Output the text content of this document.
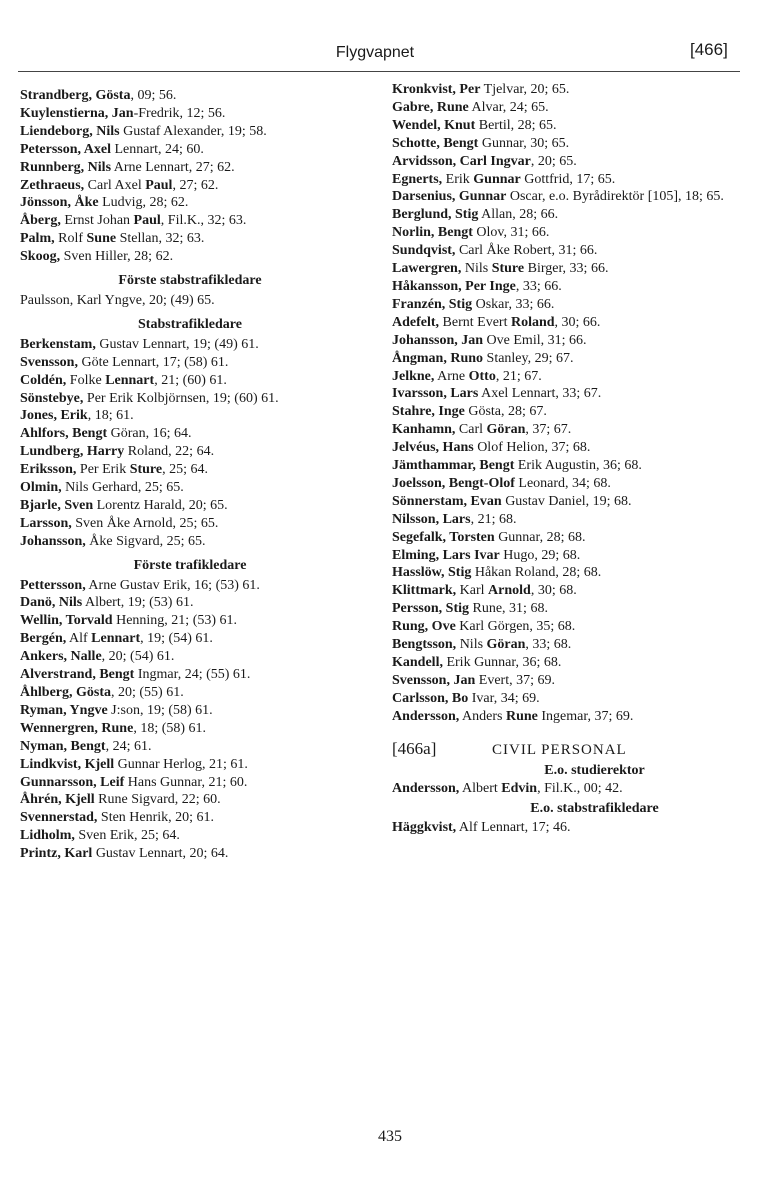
Flygvapnet	[466]
Strandberg, Gösta, 09; 56.
Kuylenstierna, Jan-Fredrik, 12; 56.
Liendeborg, Nils Gustaf Alexander, 19; 58.
Petersson, Axel Lennart, 24; 60.
Runnberg, Nils Arne Lennart, 27; 62.
Zethraeus, Carl Axel Paul, 27; 62.
Jönsson, Åke Ludvig, 28; 62.
Åberg, Ernst Johan Paul, Fil.K., 32; 63.
Palm, Rolf Sune Stellan, 32; 63.
Skoog, Sven Hiller, 28; 62.
Förste stabstrafikledare
Paulsson, Karl Yngve, 20; (49) 65.
Stabstrafikledare
Berkenstam, Gustav Lennart, 19; (49) 61.
Svensson, Göte Lennart, 17; (58) 61.
Coldén, Folke Lennart, 21; (60) 61.
Sönstebye, Per Erik Kolbjörnsen, 19; (60) 61.
Jones, Erik, 18; 61.
Ahlfors, Bengt Göran, 16; 64.
Lundberg, Harry Roland, 22; 64.
Eriksson, Per Erik Sture, 25; 64.
Olmin, Nils Gerhard, 25; 65.
Bjarle, Sven Lorentz Harald, 20; 65.
Larsson, Sven Åke Arnold, 25; 65.
Johansson, Åke Sigvard, 25; 65.
Förste trafikledare
Pettersson, Arne Gustav Erik, 16; (53) 61.
Danö, Nils Albert, 19; (53) 61.
Wellin, Torvald Henning, 21; (53) 61.
Bergén, Alf Lennart, 19; (54) 61.
Ankers, Nalle, 20; (54) 61.
Alverstrand, Bengt Ingmar, 24; (55) 61.
Åhlberg, Gösta, 20; (55) 61.
Ryman, Yngve J:son, 19; (58) 61.
Wennergren, Rune, 18; (58) 61.
Nyman, Bengt, 24; 61.
Lindkvist, Kjell Gunnar Herlog, 21; 61.
Gunnarsson, Leif Hans Gunnar, 21; 60.
Åhrén, Kjell Rune Sigvard, 22; 60.
Svennerstad, Sten Henrik, 20; 61.
Lidholm, Sven Erik, 25; 64.
Printz, Karl Gustav Lennart, 20; 64.
Kronkvist, Per Tjelvar, 20; 65.
Gabre, Rune Alvar, 24; 65.
Wendel, Knut Bertil, 28; 65.
Schotte, Bengt Gunnar, 30; 65.
Arvidsson, Carl Ingvar, 20; 65.
Egnerts, Erik Gunnar Gottfrid, 17; 65.
Darsenius, Gunnar Oscar, e.o. Byrådirektör [105], 18; 65.
Berglund, Stig Allan, 28; 66.
Norlin, Bengt Olov, 31; 66.
Sundqvist, Carl Åke Robert, 31; 66.
Lawergren, Nils Sture Birger, 33; 66.
Håkansson, Per Inge, 33; 66.
Franzén, Stig Oskar, 33; 66.
Adefelt, Bernt Evert Roland, 30; 66.
Johansson, Jan Ove Emil, 31; 66.
Ångman, Runo Stanley, 29; 67.
Jelkne, Arne Otto, 21; 67.
Ivarsson, Lars Axel Lennart, 33; 67.
Stahre, Inge Gösta, 28; 67.
Kanhamn, Carl Göran, 37; 67.
Jelvéus, Hans Olof Helion, 37; 68.
Jämthammar, Bengt Erik Augustin, 36; 68.
Joelsson, Bengt-Olof Leonard, 34; 68.
Sönnerstam, Evan Gustav Daniel, 19; 68.
Nilsson, Lars, 21; 68.
Segefalk, Torsten Gunnar, 28; 68.
Elming, Lars Ivar Hugo, 29; 68.
Hasslöw, Stig Håkan Roland, 28; 68.
Klittmark, Karl Arnold, 30; 68.
Persson, Stig Rune, 31; 68.
Rung, Ove Karl Görgen, 35; 68.
Bengtsson, Nils Göran, 33; 68.
Kandell, Erik Gunnar, 36; 68.
Svensson, Jan Evert, 37; 69.
Carlsson, Bo Ivar, 34; 69.
Andersson, Anders Rune Ingemar, 37; 69.
[466a]	CIVIL PERSONAL
E.o. studierektor
Andersson, Albert Edvin, Fil.K., 00; 42.
E.o. stabstrafikledare
Häggkvist, Alf Lennart, 17; 46.
435
